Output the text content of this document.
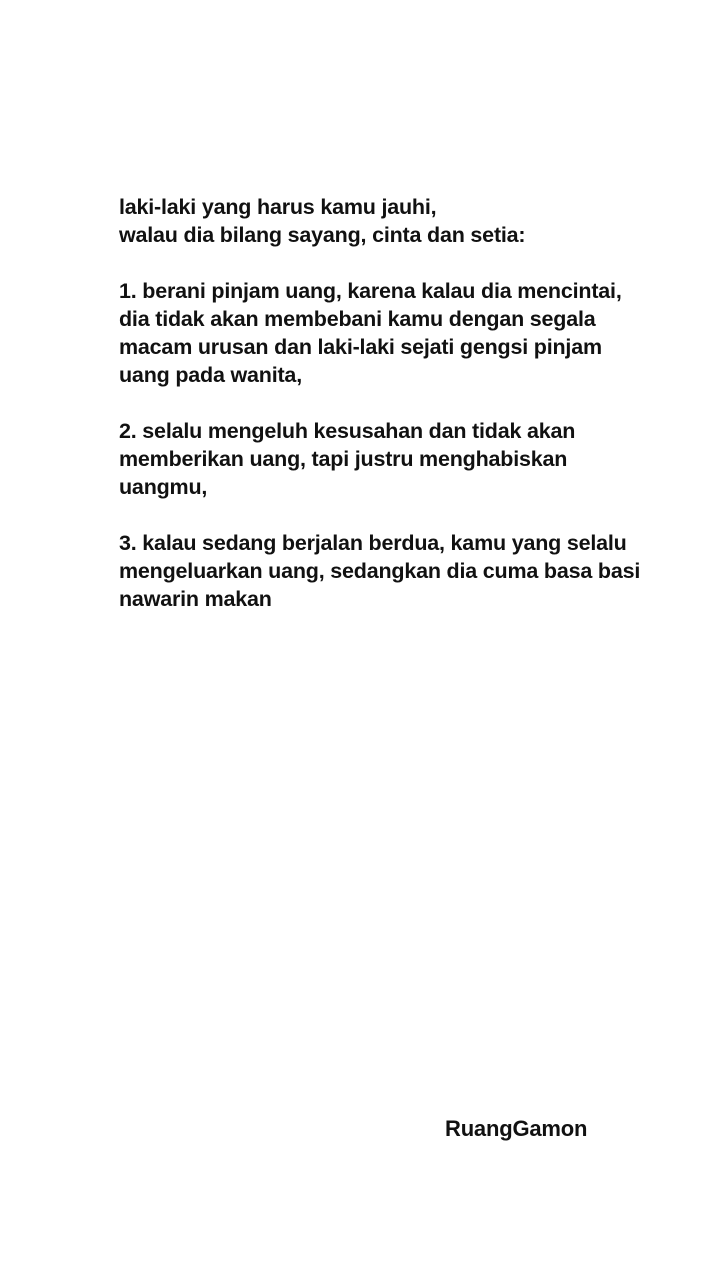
laki-laki yang harus kamu jauhi,
walau dia bilang sayang, cinta dan setia:
1. berani pinjam uang, karena kalau dia mencintai,
dia tidak akan membebani kamu dengan segala
macam urusan dan laki-laki sejati gengsi pinjam
uang pada wanita,
2. selalu mengeluh kesusahan dan tidak akan
memberikan uang, tapi justru menghabiskan
uangmu,
3. kalau sedang berjalan berdua, kamu yang selalu
mengeluarkan uang, sedangkan dia cuma basa basi
nawarin makan
RuangGamon
